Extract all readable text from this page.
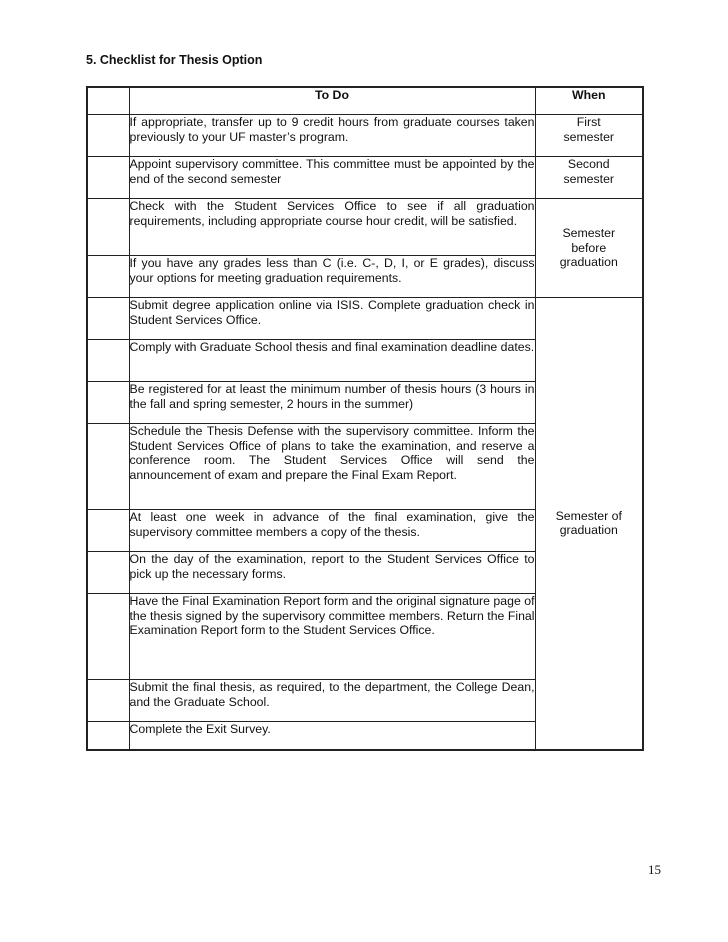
5. Checklist for Thesis Option
	To Do	When
	If appropriate, transfer up to 9 credit hours from graduate courses taken previously to your UF master’s program.	First
semester
	Appoint supervisory committee. This committee must be appointed by the end of the second semester	Second
semester
	Check with the Student Services Office to see if all graduation requirements, including appropriate course hour credit, will be satisfied.	Semester
before
graduation
	If you have any grades less than C (i.e. C-, D, I, or E grades), discuss your options for meeting graduation requirements.	
	Submit degree application online via ISIS. Complete graduation check in Student Services Office.	Semester of
graduation
	Comply with Graduate School thesis and final examination deadline dates.	
	Be registered for at least the minimum number of thesis hours (3 hours in the fall and spring semester, 2 hours in the summer)	
	Schedule the Thesis Defense with the supervisory committee. Inform the Student Services Office of plans to take the examination, and reserve a conference room. The Student Services Office will send the announcement of exam and prepare the Final Exam Report.	
	At least one week in advance of the final examination, give the supervisory committee members a copy of the thesis.	
	On the day of the examination, report to the Student Services Office to pick up the necessary forms.	
	Have the Final Examination Report form and the original signature page of the thesis signed by the supervisory committee members. Return the Final Examination Report form to the Student Services Office.	
	Submit the final thesis, as required, to the department, the College Dean, and the Graduate School.	
	Complete the Exit Survey.	
15
